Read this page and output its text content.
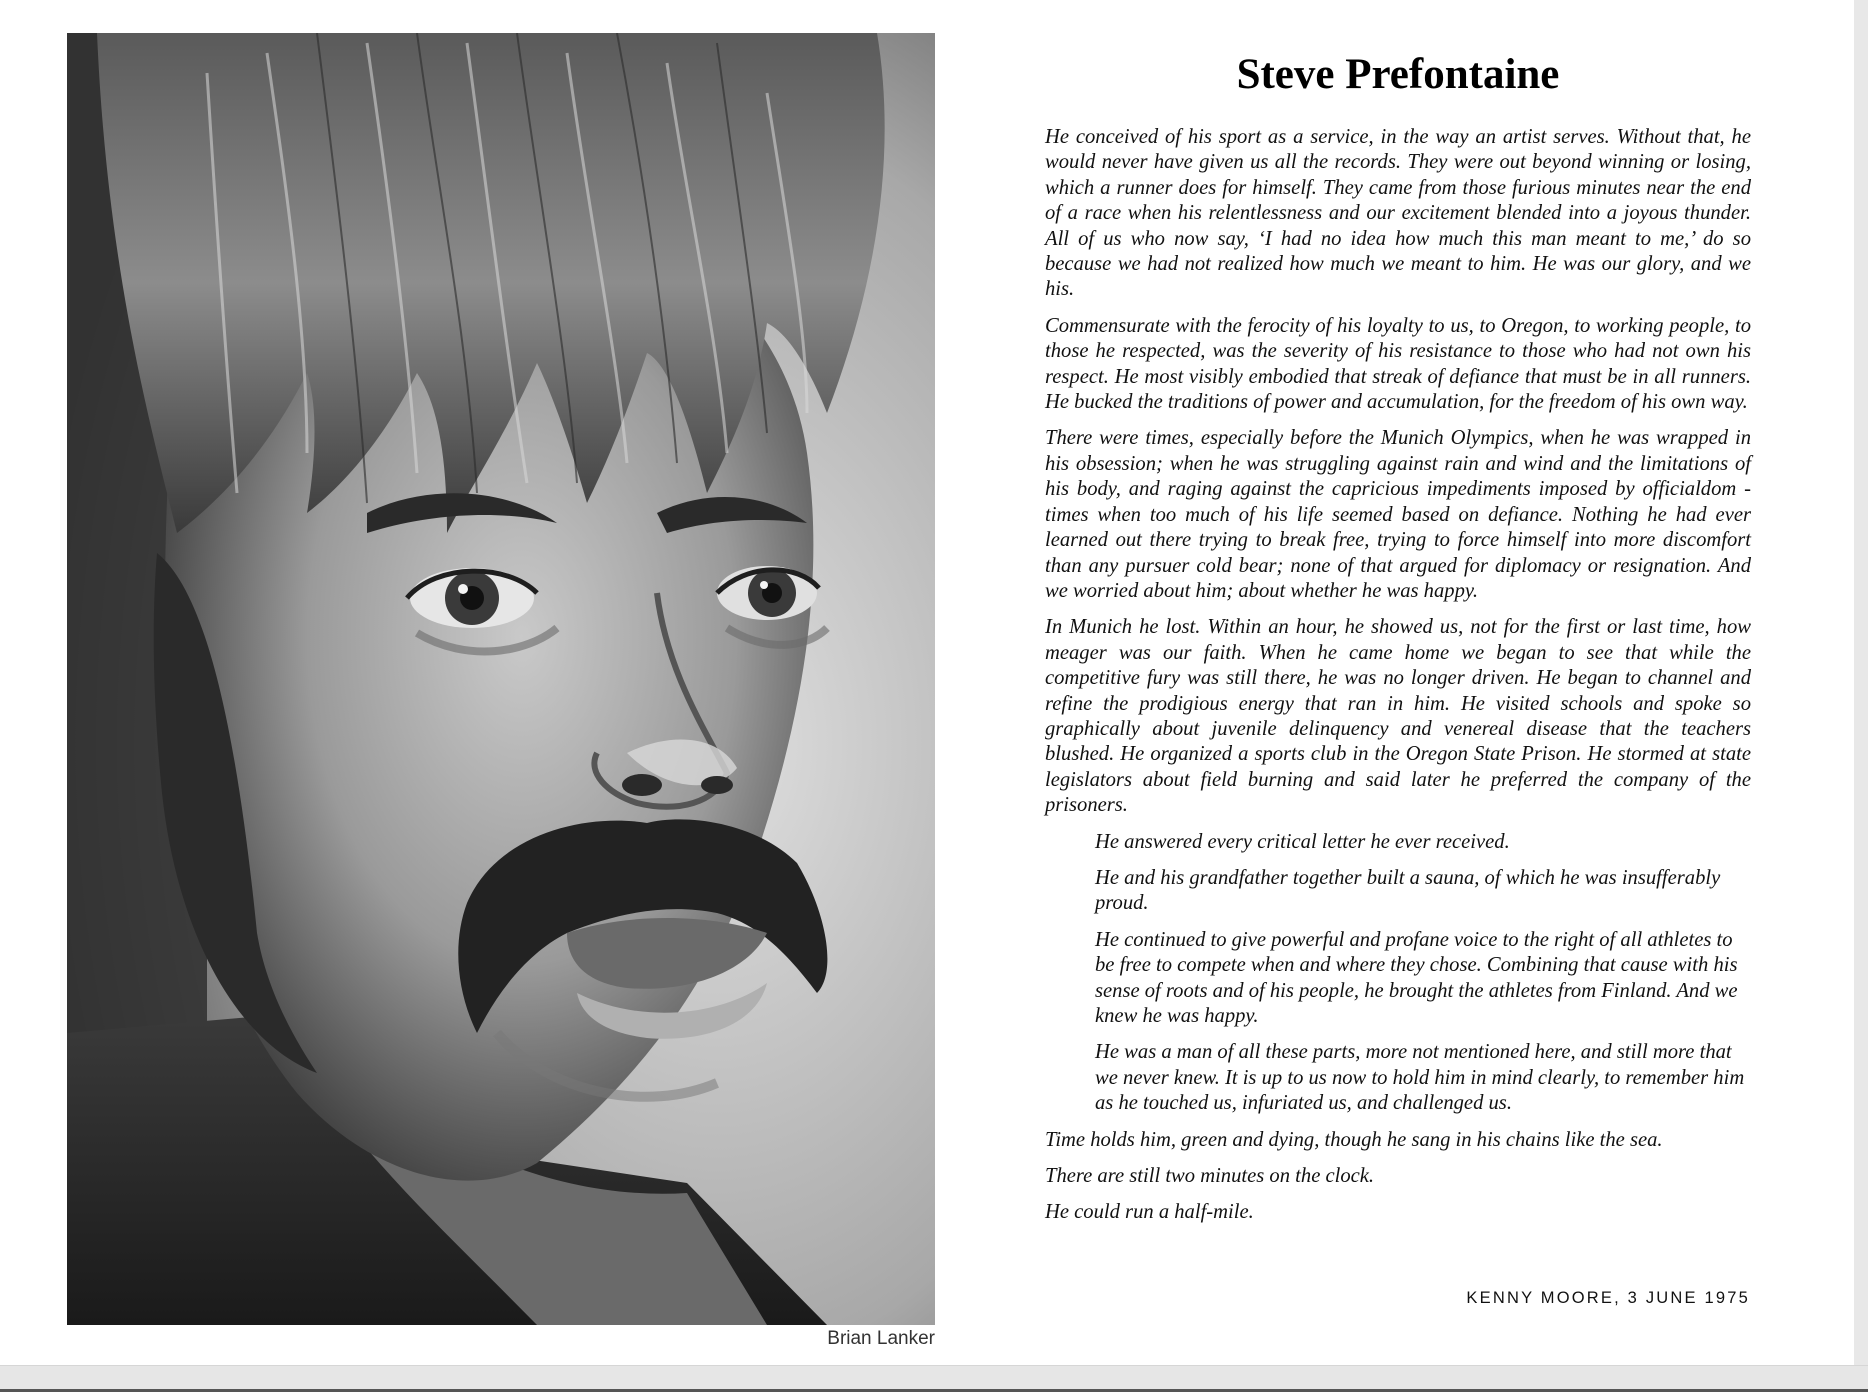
Brian Lanker
Steve Prefontaine

He conceived of his sport as a service, in the way an artist serves. Without that, he would never have given us all the records. They were out beyond winning or losing, which a runner does for himself. They came from those furious minutes near the end of a race when his relentlessness and our excitement blended into a joyous thunder. All of us who now say, ‘I had no idea how much this man meant to me,’ do so because we had not realized how much we meant to him. He was our glory, and we his.

Commensurate with the ferocity of his loyalty to us, to Oregon, to working people, to those he respected, was the severity of his resistance to those who had not own his respect. He most visibly embodied that streak of defiance that must be in all runners. He bucked the traditions of power and accumulation, for the freedom of his own way.

There were times, especially before the Munich Olympics, when he was wrapped in his obsession; when he was struggling against rain and wind and the limitations of his body, and raging against the capricious impediments imposed by officialdom - times when too much of his life seemed based on defiance. Nothing he had ever learned out there trying to break free, trying to force himself into more discomfort than any pursuer cold bear; none of that argued for diplomacy or resignation. And we worried about him; about whether he was happy.

In Munich he lost. Within an hour, he showed us, not for the first or last time, how meager was our faith. When he came home we began to see that while the competitive fury was still there, he was no longer driven. He began to channel and refine the prodigious energy that ran in him. He visited schools and spoke so graphically about juvenile delinquency and venereal disease that the teachers blushed. He organized a sports club in the Oregon State Prison. He stormed at state legislators about field burning and said later he preferred the company of the prisoners.

He answered every critical letter he ever received.

He and his grandfather together built a sauna, of which he was insufferably proud.

He continued to give powerful and profane voice to the right of all athletes to be free to compete when and where they chose. Combining that cause with his sense of roots and of his people, he brought the athletes from Finland. And we knew he was happy.

He was a man of all these parts, more not mentioned here, and still more that we never knew. It is up to us now to hold him in mind clearly, to remember him as he touched us, infuriated us, and challenged us.

Time holds him, green and dying, though he sang in his chains like the sea.

There are still two minutes on the clock.

He could run a half-mile.

KENNY MOORE, 3 JUNE 1975
